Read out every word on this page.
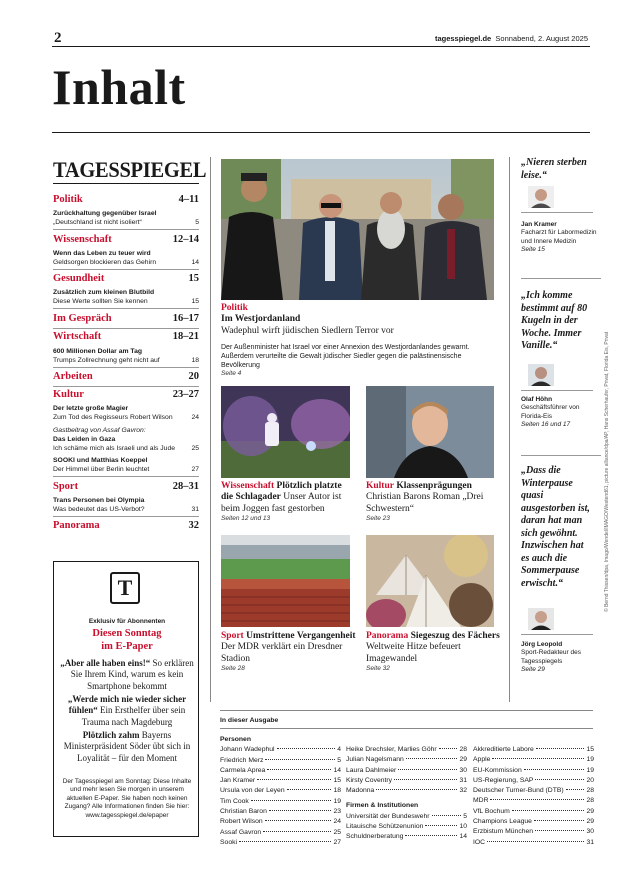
2	tagesspiegel.de Sonnabend, 2. August 2025
Inhalt
TAGESSPIEGEL
Politik	4–11
Zurückhaltung gegenüber Israel
„Deutschland ist nicht isoliert“	5
Wissenschaft	12–14
Wenn das Leben zu teuer wird
Geldsorgen blockieren das Gehirn	14
Gesundheit	15
Zusätzlich zum kleinen Blutbild
Diese Werte sollten Sie kennen	15
Im Gespräch	16–17
Wirtschaft	18–21
600 Millionen Dollar am Tag
Trumps Zollrechnung geht nicht auf	18
Arbeiten	20
Kultur	23–27
Der letzte große Magier
Zum Tod des Regisseurs Robert Wilson	24
Gastbeitrag von Assaf Gavron:
Das Leiden in Gaza
Ich schäme mich als Israeli und als Jude 25
SOOKI und Matthias Koeppel
Der Himmel über Berlin leuchtet	27
Sport	28–31
Trans Personen bei Olympia
Was bedeutet das US-Verbot?	31
Panorama	32
T
Exklusiv für Abonnenten
Diesen Sonntag
im E-Paper
„Aber alle haben eins!“ So erklären Sie Ihrem Kind, warum es kein Smartphone bekommt
„Werde mich nie wieder sicher fühlen“ Ein Ersthelfer über sein Trauma nach Magdeburg
Plötzlich zahm Bayerns Ministerpräsident Söder übt sich in Loyalität – für den Moment
Der Tagesspiegel am Sonntag: Diese Inhalte und mehr lesen Sie morgen in unserem aktuellen E-Paper. Sie haben noch keinen Zugang? Alle Informationen finden Sie hier: www.tagesspiegel.de/epaper
Politik
Im Westjordanland
Wadephul wirft jüdischen Siedlern Terror vor
Der Außenminister hat Israel vor einer Annexion des Westjordanlandes gewarnt. Außerdem verurteilte die Gewalt jüdischer Siedler gegen die palästinensische Bevölkerung
Seite 4
Wissenschaft Plötzlich platzte die Schlagader Unser Autor ist beim Joggen fast gestorben
Seiten 12 und 13
Kultur Klassenprägungen Christian Barons Roman „Drei Schwestern“
Seite 23
Sport Umstrittene Vergangenheit Der MDR verklärt ein Dresdner Stadion
Seite 28
Panorama Siegeszug des Fächers Weltweite Hitze befeuert Imagewandel
Seite 32
„Nieren sterben leise.“
Jan Kramer
Facharzt für Labormedizin und Innere Medizin
Seite 15
„Ich komme bestimmt auf 80 Kugeln in der Woche. Immer Vanille.“
Olaf Höhn
Geschäftsführer von Florida-Eis
Seiten 16 und 17
„Dass die Winterpause quasi ausgestorben ist, daran hat man sich gewöhnt. Inzwischen hat es auch die Sommerpause erwischt.“
Jörg Leopold
Sport-Redakteur des Tagesspiegels
Seite 29
In dieser Ausgabe
Personen
Johann Wadephul	4
Friedrich Merz	5
Carmela Aprea	14
Jan Kramer	15
Ursula von der Leyen	18
Tim Cook	19
Christian Baron	23
Robert Wilson	24
Assaf Gavron	25
Sooki	27
Heike Drechsler, Marlies Göhr	28
Julian Nagelsmann	29
Laura Dahlmeier	30
Kirsty Coventry	31
Madonna	32
Firmen & Institutionen
Universität der Bundeswehr	5
Litauische Schützenunion	10
Schuldnerberatung	14
Akkreditierte Labore	15
Apple	19
EU-Kommission	19
US-Regierung, SAP	20
Deutscher Turner-Bund (DTB)	28
MDR	28
VfL Bochum	29
Champions League	29
Erzbistum München	30
IOC	31
© Bernd Thissen/dpa, Imago/Wendel/IMAGO/Westend61, picture alliance/dpa/AP, Hans Scherhaufer, Privat, Florida Eis, Privat
